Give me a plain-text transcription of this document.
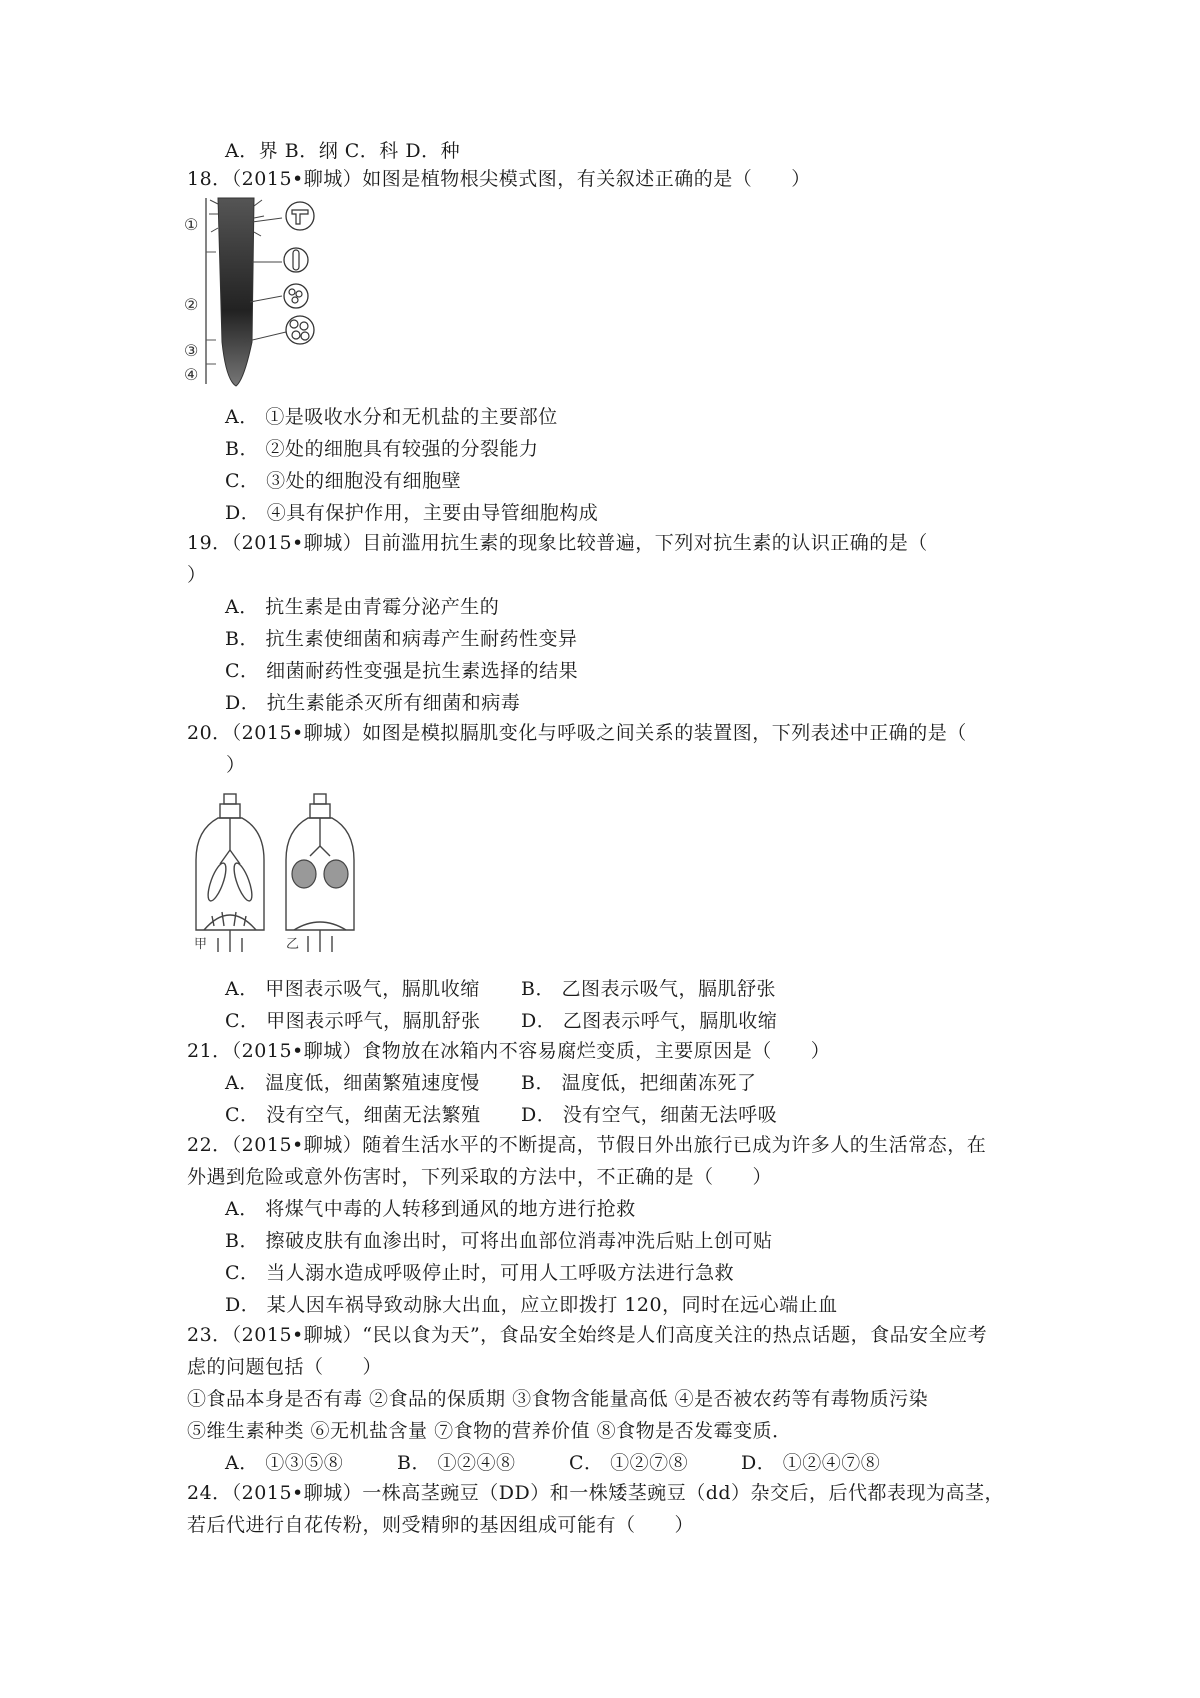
A．界 B．纲 C．科 D．种
18．（2015•聊城）如图是植物根尖模式图，有关叙述正确的是（　　）
①
②
③
④
A． ①是吸收水分和无机盐的主要部位
B． ②处的细胞具有较强的分裂能力
C． ③处的细胞没有细胞壁
D． ④具有保护作用，主要由导管细胞构成
19．（2015•聊城）目前滥用抗生素的现象比较普遍，下列对抗生素的认识正确的是（
）
A． 抗生素是由青霉分泌产生的
B． 抗生素使细菌和病毒产生耐药性变异
C． 细菌耐药性变强是抗生素选择的结果
D． 抗生素能杀灭所有细菌和病毒
20．（2015•聊城）如图是模拟膈肌变化与呼吸之间关系的装置图，下列表述中正确的是（
）
甲	乙
A． 甲图表示吸气，膈肌收缩	B． 乙图表示吸气，膈肌舒张
C． 甲图表示呼气，膈肌舒张	D． 乙图表示呼气，膈肌收缩
21．（2015•聊城）食物放在冰箱内不容易腐烂变质，主要原因是（　　）
A． 温度低，细菌繁殖速度慢	B． 温度低，把细菌冻死了
C． 没有空气，细菌无法繁殖	D． 没有空气，细菌无法呼吸
22．（2015•聊城）随着生活水平的不断提高，节假日外出旅行已成为许多人的生活常态，在
外遇到危险或意外伤害时，下列采取的方法中，不正确的是（　　）
A． 将煤气中毒的人转移到通风的地方进行抢救
B． 擦破皮肤有血渗出时，可将出血部位消毒冲洗后贴上创可贴
C． 当人溺水造成呼吸停止时，可用人工呼吸方法进行急救
D． 某人因车祸导致动脉大出血，应立即拨打 120，同时在远心端止血
23．（2015•聊城）“民以食为天”，食品安全始终是人们高度关注的热点话题，食品安全应考
虑的问题包括（　　）
①食品本身是否有毒 ②食品的保质期 ③食物含能量高低 ④是否被农药等有毒物质污染
⑤维生素种类 ⑥无机盐含量 ⑦食物的营养价值 ⑧食物是否发霉变质．
A． ①③⑤⑧	B． ①②④⑧	C． ①②⑦⑧	D． ①②④⑦⑧
24．（2015•聊城）一株高茎豌豆（DD）和一株矮茎豌豆（dd）杂交后，后代都表现为高茎，
若后代进行自花传粉，则受精卵的基因组成可能有（　　）
